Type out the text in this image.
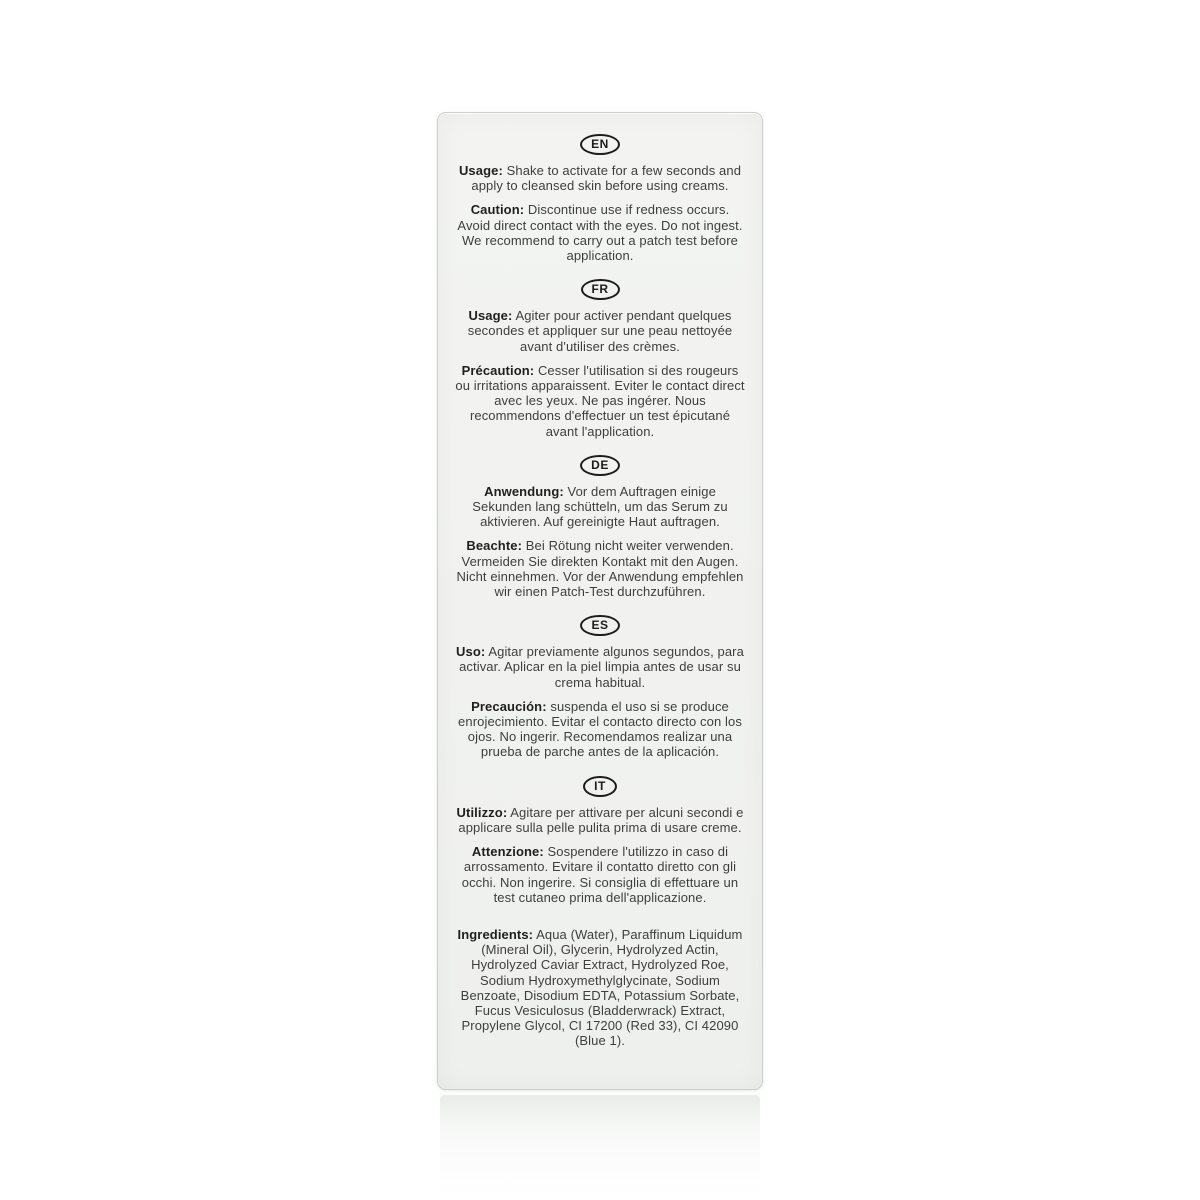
EN

Usage: Shake to activate for a few seconds and apply to cleansed skin before using creams.

Caution: Discontinue use if redness occurs. Avoid direct contact with the eyes. Do not ingest. We recommend to carry out a patch test before application.

FR

Usage: Agiter pour activer pendant quelques secondes et appliquer sur une peau nettoyée avant d'utiliser des crèmes.

Précaution: Cesser l'utilisation si des rougeurs ou irritations apparaissent. Eviter le contact direct avec les yeux. Ne pas ingérer. Nous recommendons d'effectuer un test épicutané avant l'application.

DE

Anwendung: Vor dem Auftragen einige Sekunden lang schütteln, um das Serum zu aktivieren. Auf gereinigte Haut auftragen.

Beachte: Bei Rötung nicht weiter verwenden. Vermeiden Sie direkten Kontakt mit den Augen. Nicht einnehmen. Vor der Anwendung empfehlen wir einen Patch-Test durchzuführen.

ES

Uso: Agitar previamente algunos segundos, para activar. Aplicar en la piel limpia antes de usar su crema habitual.

Precaución: suspenda el uso si se produce enrojecimiento. Evitar el contacto directo con los ojos. No ingerir. Recomendamos realizar una prueba de parche antes de la aplicación.

IT

Utilizzo: Agitare per attivare per alcuni secondi e applicare sulla pelle pulita prima di usare creme.

Attenzione: Sospendere l'utilizzo in caso di arrossamento. Evitare il contatto diretto con gli occhi. Non ingerire. Si consiglia di effettuare un test cutaneo prima dell'applicazione.

Ingredients: Aqua (Water), Paraffinum Liquidum (Mineral Oil), Glycerin, Hydrolyzed Actin, Hydrolyzed Caviar Extract, Hydrolyzed Roe, Sodium Hydroxymethylglycinate, Sodium Benzoate, Disodium EDTA, Potassium Sorbate, Fucus Vesiculosus (Bladderwrack) Extract, Propylene Glycol, CI 17200 (Red 33), CI 42090 (Blue 1).
